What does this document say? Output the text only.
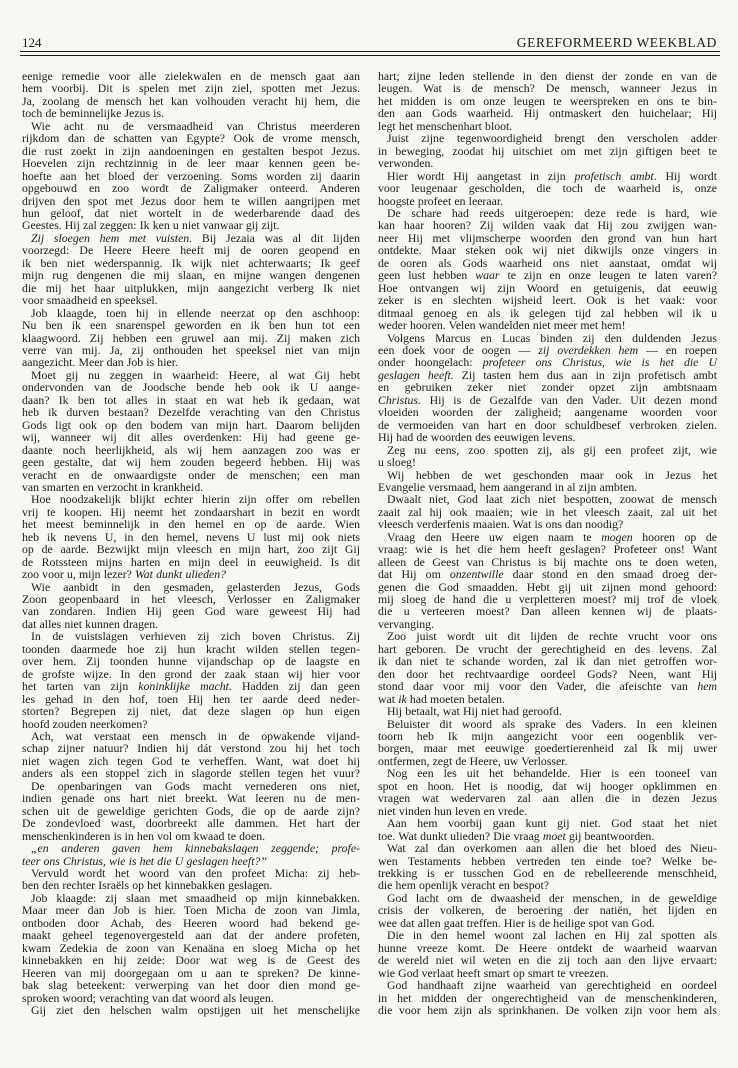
124	GEREFORMEERD WEEKBLAD
eenige remedie voor alle zielekwalen en de mensch gaat aan
hem voorbij. Dit is spelen met zijn ziel, spotten met Jezus.
Ja, zoolang de mensch het kan volhouden veracht hij hem, die
toch de beminnelijke Jezus is.
Wie acht nu de versmaadheid van Christus meerderen
rijkdom dan de schatten van Egypte? Ook de vrome mensch,
die rust zoekt in zijn aandoeningen en gestalten bespot Jezus.
Hoevelen zijn rechtzinnig in de leer maar kennen geen be-
hoefte aan het bloed der verzoening. Soms worden zij daarin
opgebouwd en zoo wordt de Zaligmaker onteerd. Anderen
drijven den spot met Jezus door hem te willen aangrijpen met
hun geloof, dat niet wortelt in de wederbarende daad des
Geestes. Hij zal zeggen: Ik ken u niet vanwaar gij zijt.
Zij sloegen hem met vuisten. Bij Jezaia was al dit lijden
voorzegd: De Heere Heere heeft mij de ooren geopend en
ik ben niet wederspannig. Ik wijk niet achterwaarts; Ik geef
mijn rug dengenen die mij slaan, en mijne wangen dengenen
die mij het haar uitplukken, mijn aangezicht verberg Ik niet
voor smaadheid en speeksel.
Job klaagde, toen hij in ellende neerzat op den aschhoop:
Nu ben ik een snarenspel geworden en ik ben hun tot een
klaagwoord. Zij hebben een gruwel aan mij. Zij maken zich
verre van mij. Ja, zij onthouden het speeksel niet van mijn
aangezicht. Meer dan Job is hier.
Moet gij nu zeggen in waarheid: Heere, al wat Gij hebt
ondervonden van de Joodsche bende heb ook ik U aange-
daan? Ik ben tot alles in staat en wat heb ik gedaan, wat
heb ik durven bestaan? Dezelfde verachting van den Christus
Gods ligt ook op den bodem van mijn hart. Daarom belijden
wij, wanneer wij dit alles overdenken: Hij had geene ge-
daante noch heerlijkheid, als wij hem aanzagen zoo was er
geen gestalte, dat wij hem zouden begeerd hebben. Hij was
veracht en de onwaardigste onder de menschen; een man
van smarten en verzocht in krankheid.
Hoe noodzakelijk blijkt echter hierin zijn offer om rebellen
vrij te koopen. Hij neemt het zondaarshart in bezit en wordt
het meest beminnelijk in den hemel en op de aarde. Wien
heb ik nevens U, in den hemel, nevens U lust mij ook niets
op de aarde. Bezwijkt mijn vleesch en mijn hart, zoo zijt Gij
de Rotssteen mijns harten en mijn deel in eeuwigheid. Is dit
zoo voor u, mijn lezer? Wat dunkt ulieden?
Wie aanbidt in den gesmaden, gelasterden Jezus, Gods
Zoon geopenbaard in het vleesch, Verlosser en Zaligmaker
van zondaren. Indien Hij geen God ware geweest Hij had
dat alles niet kunnen dragen.
In de vuistslagen verhieven zij zich boven Christus. Zij
toonden daarmede hoe zij hun kracht wilden stellen tegen-
over hem. Zij toonden hunne vijandschap op de laagste en
de grofste wijze. In den grond der zaak staan wij hier voor
het tarten van zijn koninklijke macht. Hadden zij dan geen
les gehad in den hof, toen Hij hen ter aarde deed neder-
storten? Begrepen zij niet, dat deze slagen op hun eigen
hoofd zouden neerkomen?
Ach, wat verstaat een mensch in de opwakende vijand-
schap zijner natuur? Indien hij dát verstond zou hij het toch
niet wagen zich tegen God te verheffen. Want, wat doet hij
anders als een stoppel zich in slagorde stellen tegen het vuur?
De openbaringen van Gods macht vernederen ons niet,
indien genade ons hart niet breekt. Wat leeren nu de men-
schen uit de geweldige gerichten Gods, die op de aarde zijn?
De zondevloed wast, doorbreekt alle dammen. Het hart der
menschenkinderen is in hen vol om kwaad te doen.
„en anderen gaven hem kinnebakslagen zeggende; profe-
teer ons Christus, wie is het die U geslagen heeft?”
Vervuld wordt het woord van den profeet Micha: zij heb-
ben den rechter Israëls op het kinnebakken geslagen.
Job klaagde: zij slaan met smaadheid op mijn kinnebakken.
Maar meer dan Job is hier. Toen Micha de zoon van Jimla,
ontboden door Achab, des Heeren woord had bekend ge-
maakt geheel tegenovergesteld aan dat der andere profeten,
kwam Zedekia de zoon van Kenaäna en sloeg Micha op het
kinnebakken en hij zeide: Door wat weg is de Geest des
Heeren van mij doorgegaan om u aan te spreken? De kinne-
bak slag beteekent: verwerping van het door dien mond ge-
sproken woord; verachting van dat woord als leugen.
Gij ziet den helschen walm opstijgen uit het menschelijke
hart; zijne leden stellende in den dienst der zonde en van de
leugen. Wat is de mensch? De mensch, wanneer Jezus in
het midden is om onze leugen te weerspreken en ons te bin-
den aan Gods waarheid. Hij ontmaskert den huichelaar; Hij
legt het menschenhart bloot.
Juist zijne tegenwoordigheid brengt den verscholen adder
in beweging, zoodat hij uitschiet om met zijn giftigen beet te
verwonden.
Hier wordt Hij aangetast in zijn profetisch ambt. Hij wordt
voor leugenaar gescholden, die toch de waarheid is, onze
hoogste profeet en leeraar.
De schare had reeds uitgeroepen: deze rede is hard, wie
kan haar hooren? Zij wilden vaak dat Hij zou zwijgen wan-
neer Hij met vlijmscherpe woorden den grond van hun hart
ontdekte. Maar steken ook wij niet dikwijls onze vingers in
de ooren als Gods waarheid ons niet aanstaat, omdat wij
geen lust hebben waar te zijn en onze leugen te laten varen?
Hoe ontvangen wij zijn Woord en getuigenis, dat eeuwig
zeker is en slechten wijsheid leert. Ook is het vaak: voor
ditmaal genoeg en als ik gelegen tijd zal hebben wil ik u
weder hooren. Velen wandelden niet meer met hem!
Volgens Marcus en Lucas binden zij den duldenden Jezus
een doek voor de oogen — zij overdekken hem — en roepen
onder hoongelach: profeteer ons Christus, wie is het die U
geslagen heeft. Zij tasten hem dus aan in zijn profetisch ambt
en gebruiken zeker niet zonder opzet zijn ambtsnaam
Christus. Hij is de Gezalfde van den Vader. Uit dezen mond
vloeiden woorden der zaligheid; aangename woorden voor
de vermoeiden van hart en door schuldbesef verbroken zielen.
Hij had de woorden des eeuwigen levens.
Zeg nu eens, zoo spotten zij, als gij een profeet zijt, wie
u sloeg!
Wij hebben de wet geschonden maar ook in Jezus het
Evangelie versmaad, hem aangerand in al zijn ambten.
Dwaalt niet, God laat zich niet bespotten, zoowat de mensch
zaait zal hij ook maaien; wie in het vleesch zaait, zal uit het
vleesch verderfenis maaien. Wat is ons dan noodig?
Vraag den Heere uw eigen naam te mogen hooren op de
vraag: wie is het die hem heeft geslagen? Profeteer ons! Want
alleen de Geest van Christus is bij machte ons te doen weten,
dat Hij om onzentwille daar stond en den smaad droeg der-
genen die God smaadden. Hebt gij uit zijnen mond gehoord:
mij sloeg de hand die u verpletteren moest? mij trof de vloek
die u verteeren moest? Dan alleen kennen wij de plaats-
vervanging.
Zoo juist wordt uit dit lijden de rechte vrucht voor ons
hart geboren. De vrucht der gerechtigheid en des levens. Zal
ik dan niet te schande worden, zal ik dan niet getroffen wor-
den door het rechtvaardige oordeel Gods? Neen, want Hij
stond daar voor mij voor den Vader, die afeischte van hem
wat ik had moeten betalen.
Hij betaalt, wat Hij niet had geroofd.
Beluister dit woord als sprake des Vaders. In een kleinen
toorn heb Ik mijn aangezicht voor een oogenblik ver-
borgen, maar met eeuwige goedertierenheid zal Ik mij uwer
ontfermen, zegt de Heere, uw Verlosser.
Nog een les uit het behandelde. Hier is een tooneel van
spot en hoon. Het is noodig, dat wij hooger opklimmen en
vragen wat wedervaren zal aan allen die in dezen Jezus
niet vinden hun leven en vrede.
Aan hem voorbij gaan kunt gij niet. God staat het niet
toe. Wat dunkt ulieden? Die vraag moet gij beantwoorden.
Wat zal dan overkomen aan allen die het bloed des Nieu-
wen Testaments hebben vertreden ten einde toe? Welke be-
trekking is er tusschen God en de rebelleerende menschheid,
die hem openlijk veracht en bespot?
God lacht om de dwaasheid der menschen, in de geweldige
crisis der volkeren, de beroering der natiën, het lijden en
wee dat allen gaat treffen. Hier is de heilige spot van God.
Die in den hemel woont zal lachen en Hij zal spotten als
hunne vreeze komt. De Heere ontdekt de waarheid waarvan
de wereld niet wil weten en die zij toch aan den lijve ervaart:
wie God verlaat heeft smart op smart te vreezen.
God handhaaft zijne waarheid van gerechtigheid en oordeel
in het midden der ongerechtigheid van de menschenkinderen,
die voor hem zijn als sprinkhanen. De volken zijn voor hem als
